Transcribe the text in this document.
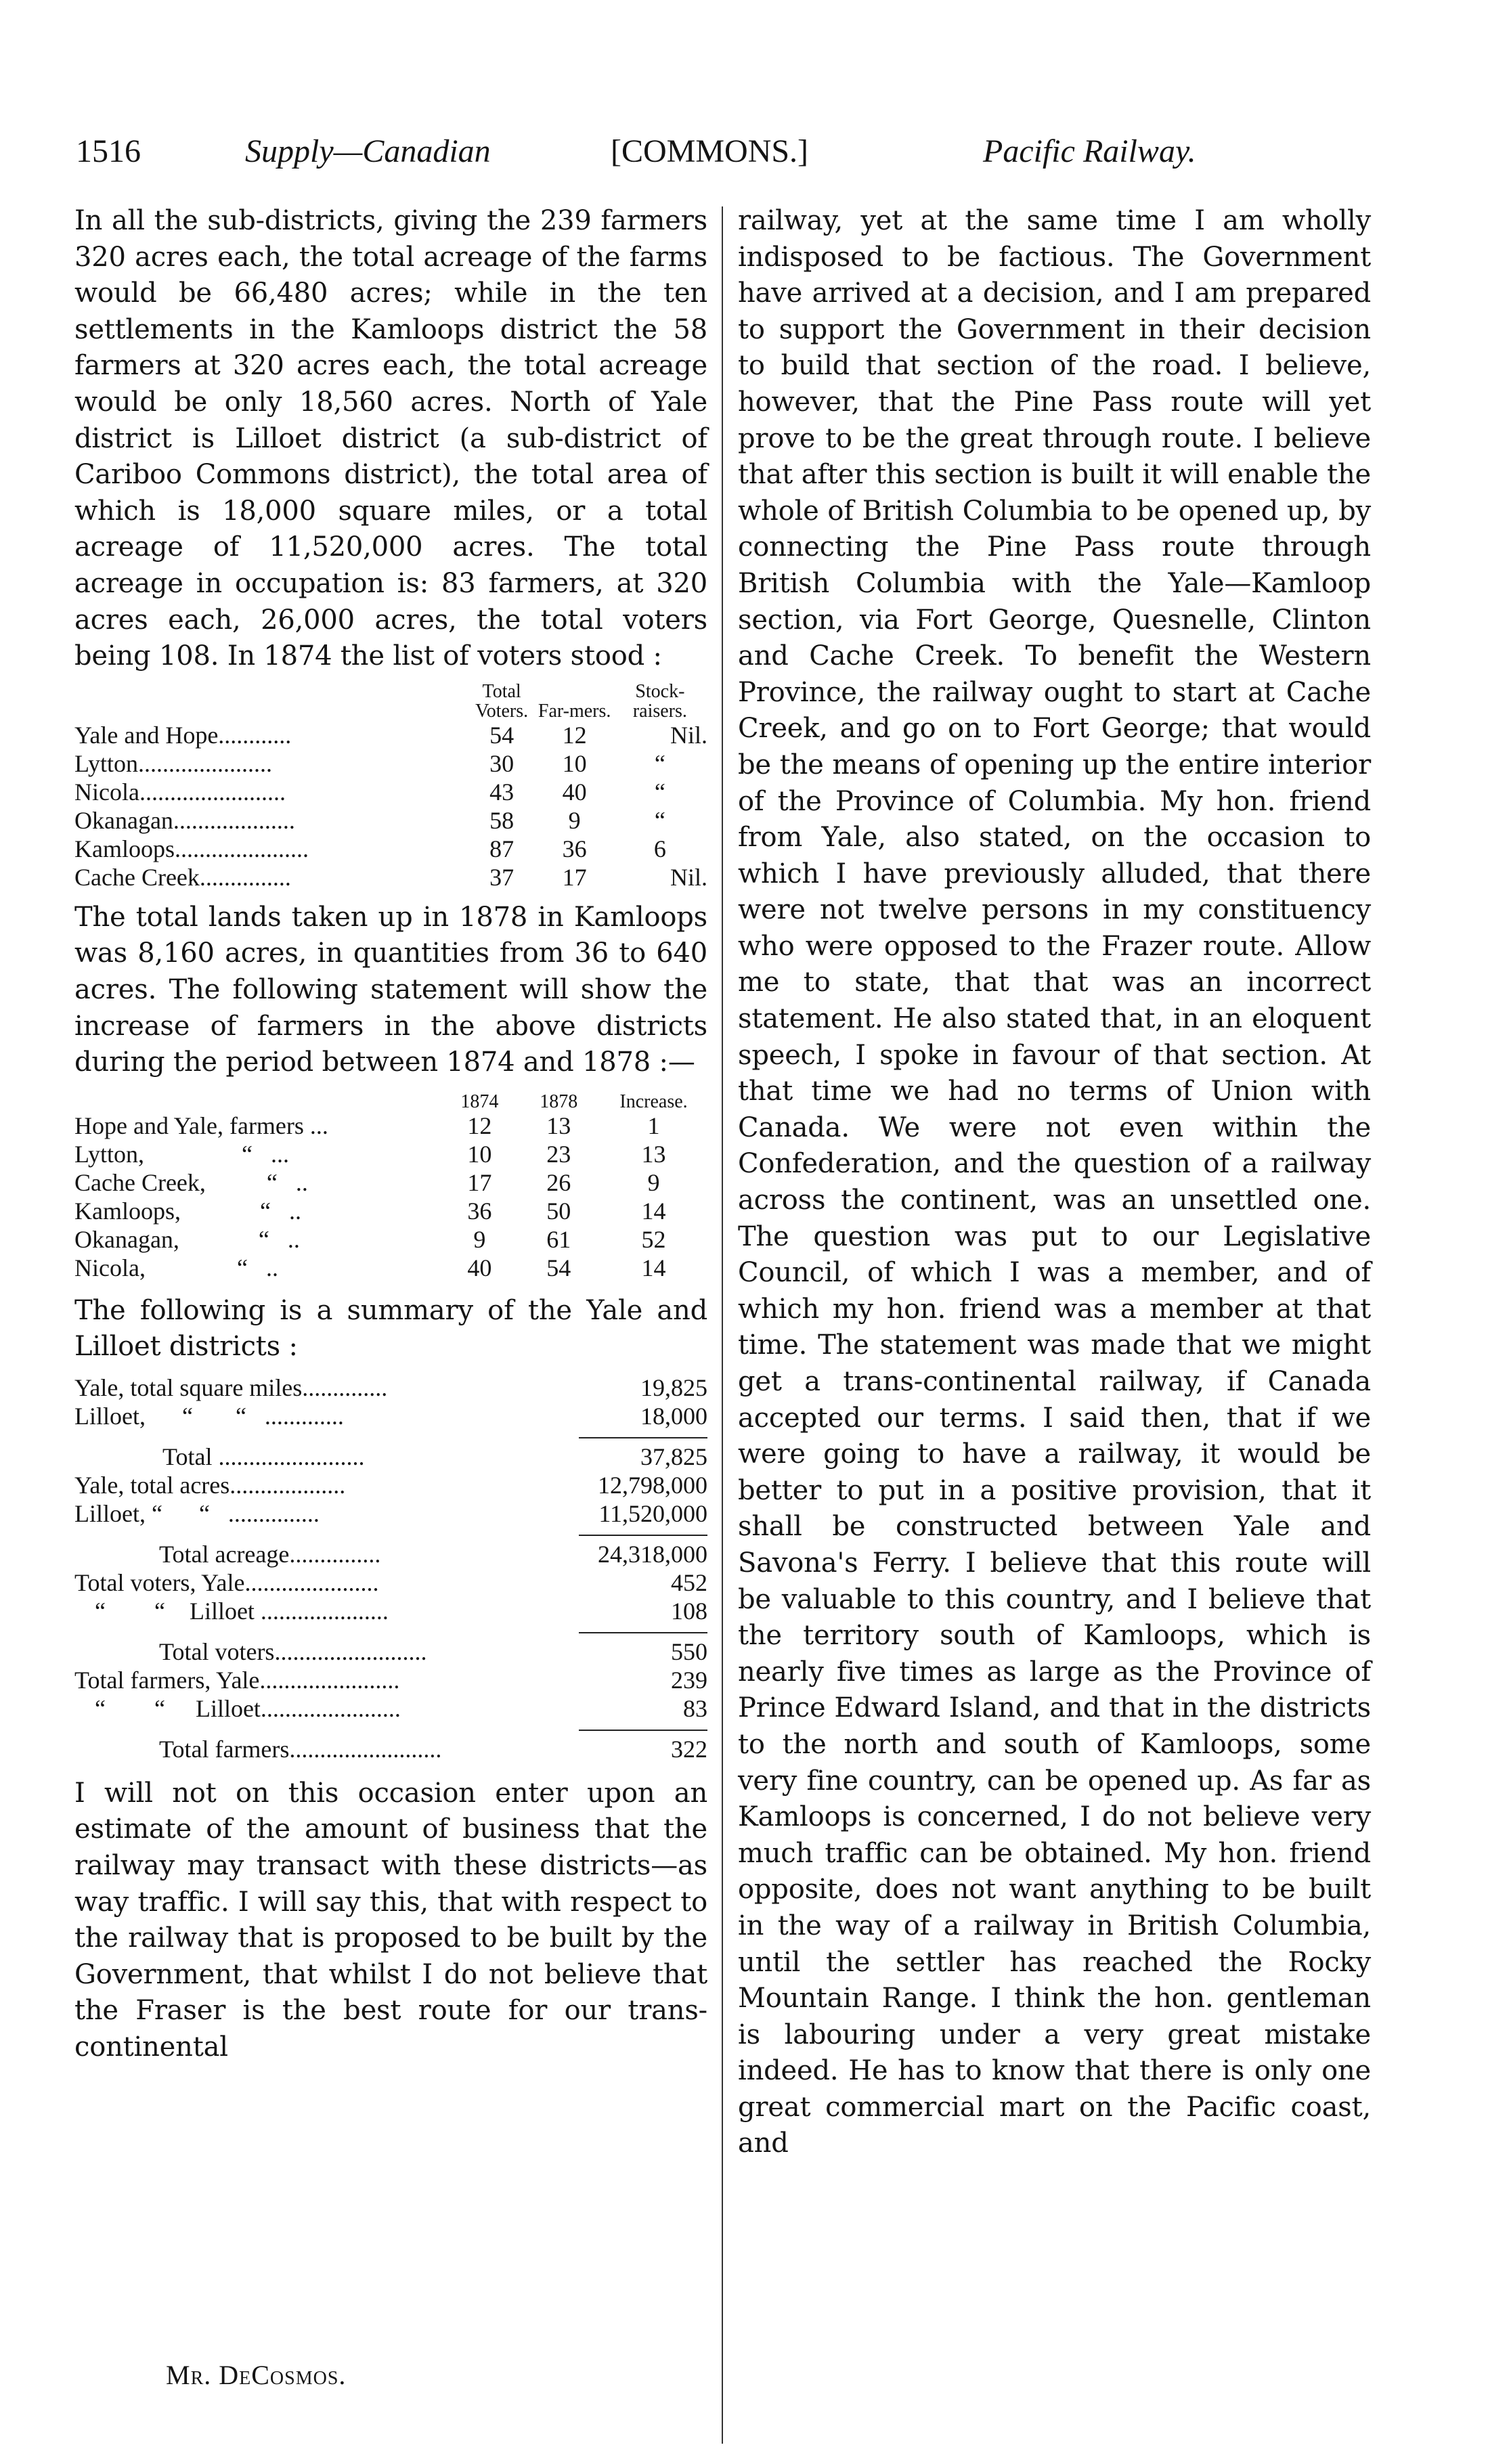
1516	Supply—Canadian	[COMMONS.]	Pacific Railway.

In all the sub-districts, giving the 239 farmers 320 acres each, the total acreage of the farms would be 66,480 acres; while in the ten settlements in the Kamloops district the 58 farmers at 320 acres each, the total acreage would be only 18,560 acres. North of Yale district is Lilloet district (a sub-district of Cariboo Commons district), the total area of which is 18,000 square miles, or a total acreage of 11,520,000 acres. The total acreage in occupation is: 83 farmers, at 320 acres each, 26,000 acres, the total voters being 108. In 1874 the list of voters stood :

	Total Voters.	Far-mers.	Stock-raisers.
Yale and Hope............	54	12	Nil.
Lytton......................	30	10	“
Nicola........................	43	40	“
Okanagan....................	58	9	“
Kamloops......................	87	36	6
Cache Creek...............	37	17	Nil.

The total lands taken up in 1878 in Kamloops was 8,160 acres, in quantities from 36 to 640 acres. The following statement will show the increase of farmers in the above districts during the period between 1874 and 1878 :—

	1874	1878	Increase.
Hope and Yale, farmers ...	12	13	1
Lytton,                “   ...	10	23	13
Cache Creek,          “   ..	17	26	9
Kamloops,             “   ..	36	50	14
Okanagan,             “   ..	9	61	52
Nicola,               “   ..	40	54	14

The following is a summary of the Yale and Lilloet districts :

Yale, total square miles..............	19,825
Lilloet,      “       “   .............	18,000
Total ........................	37,825
Yale, total acres...................	12,798,000
Lilloet, “      “   ...............	11,520,000
Total acreage...............	24,318,000
Total voters, Yale......................	452
“        “    Lilloet .....................	108
Total voters.........................	550
Total farmers, Yale.......................	239
“        “     Lilloet.......................	83
Total farmers.........................	322

I will not on this occasion enter upon an estimate of the amount of business that the railway may transact with these districts—as way traffic. I will say this, that with respect to the railway that is proposed to be built by the Government, that whilst I do not believe that the Fraser is the best route for our trans-continental

railway, yet at the same time I am wholly indisposed to be factious. The Government have arrived at a decision, and I am prepared to support the Government in their decision to build that section of the road. I believe, however, that the Pine Pass route will yet prove to be the great through route. I believe that after this section is built it will enable the whole of British Columbia to be opened up, by connecting the Pine Pass route through British Columbia with the Yale—Kamloop section, via Fort George, Quesnelle, Clinton and Cache Creek. To benefit the Western Province, the railway ought to start at Cache Creek, and go on to Fort George; that would be the means of opening up the entire interior of the Province of Columbia. My hon. friend from Yale, also stated, on the occasion to which I have previously alluded, that there were not twelve persons in my constituency who were opposed to the Frazer route. Allow me to state, that that was an incorrect statement. He also stated that, in an eloquent speech, I spoke in favour of that section. At that time we had no terms of Union with Canada. We were not even within the Confederation, and the question of a railway across the continent, was an unsettled one. The question was put to our Legislative Council, of which I was a member, and of which my hon. friend was a member at that time. The statement was made that we might get a trans-continental railway, if Canada accepted our terms. I said then, that if we were going to have a railway, it would be better to put in a positive provision, that it shall be constructed between Yale and Savona's Ferry. I believe that this route will be valuable to this country, and I believe that the territory south of Kamloops, which is nearly five times as large as the Province of Prince Edward Island, and that in the districts to the north and south of Kamloops, some very fine country, can be opened up. As far as Kamloops is concerned, I do not believe very much traffic can be obtained. My hon. friend opposite, does not want anything to be built in the way of a railway in British Columbia, until the settler has reached the Rocky Mountain Range. I think the hon. gentleman is labouring under a very great mistake indeed. He has to know that there is only one great commercial mart on the Pacific coast, and

Mr. DeCosmos.
